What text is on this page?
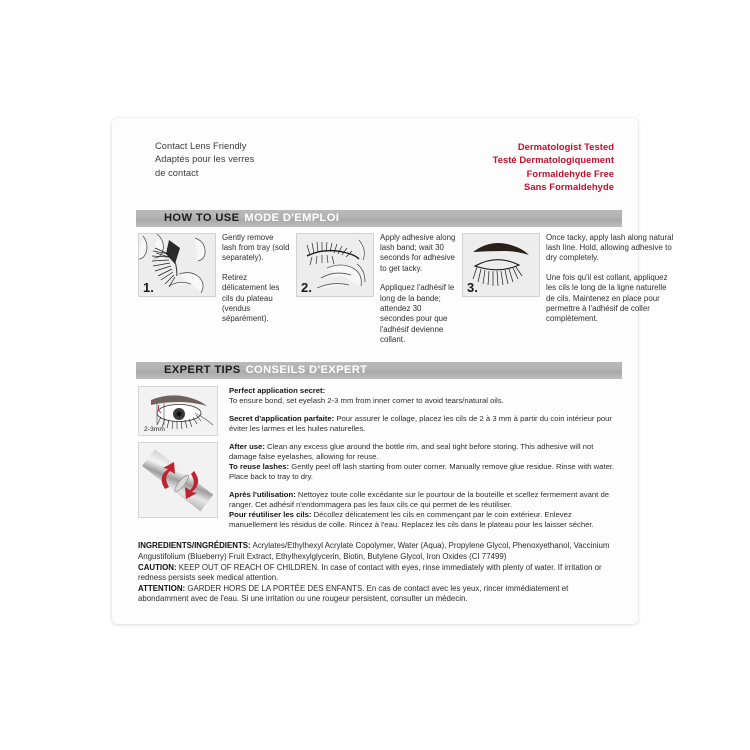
Contact Lens Friendly
Adaptés pour les verres
de contact
Dermatologist Tested
Testé Dermatologiquement
Formaldehyde Free
Sans Formaldehyde
HOW TO USE MODE D'EMPLOI
1.

Gently remove lash from tray (sold separately).

Retirez délicatement les cils du plateau (vendus séparément).

2.

Apply adhesive along lash band; wait 30 seconds for adhesive to get tacky.

Appliquez l'adhésif le long de la bande; attendez 30 secondes pour que l'adhésif devienne collant.

3.

Once tacky, apply lash along natural lash line. Hold, allowing adhesive to dry completely.

Une fois qu'il est collant, appliquez les cils le long de la ligne naturelle de cils. Maintenez en place pour permettre à l'adhésif de coller complètement.

EXPERT TIPS CONSEILS D'EXPERT
2-3mm

Perfect application secret:

To ensure bond, set eyelash 2-3 mm from inner corner to avoid tears/natural oils.

Secret d'application parfaite: Pour assurer le collage, placez les cils de 2 à 3 mm à partir du coin intérieur pour éviter les larmes et les huiles naturelles.

After use: Clean any excess glue around the bottle rim, and seal tight before storing. This adhesive will not damage false eyelashes, allowing for reuse.

To reuse lashes: Gently peel off lash starting from outer corner. Manually remove glue residue. Rinse with water. Place back to tray to dry.

Après l'utilisation: Nettoyez toute colle excédante sur le pourtour de la bouteille et scellez fermement avant de ranger. Cet adhésif n'endommagera pas les faux cils ce qui permet de les réutiliser.

Pour réutiliser les cils: Décollez délicatement les cils en commençant par le coin extérieur. Enlevez manuellement les résidus de colle. Rincez à l'eau. Replacez les cils dans le plateau pour les laisser sécher.

INGREDIENTS/INGRÉDIENTS: Acrylates/Ethylhexyl Acrylate Copolymer, Water (Aqua), Propylene Glycol, Phenoxyethanol, Vaccinium Angustifolium (Blueberry) Fruit Extract, Ethylhexylglycerin, Biotin, Butylene Glycol, Iron Oxides (CI 77499)

CAUTION: KEEP OUT OF REACH OF CHILDREN. In case of contact with eyes, rinse immediately with plenty of water. If irritation or redness persists seek medical attention.

ATTENTION: GARDER HORS DE LA PORTÉE DES ENFANTS. En cas de contact avec les yeux, rincer immédiatement et abondamment avec de l'eau. Si une irritation ou une rougeur persistent, consulter un médecin.
